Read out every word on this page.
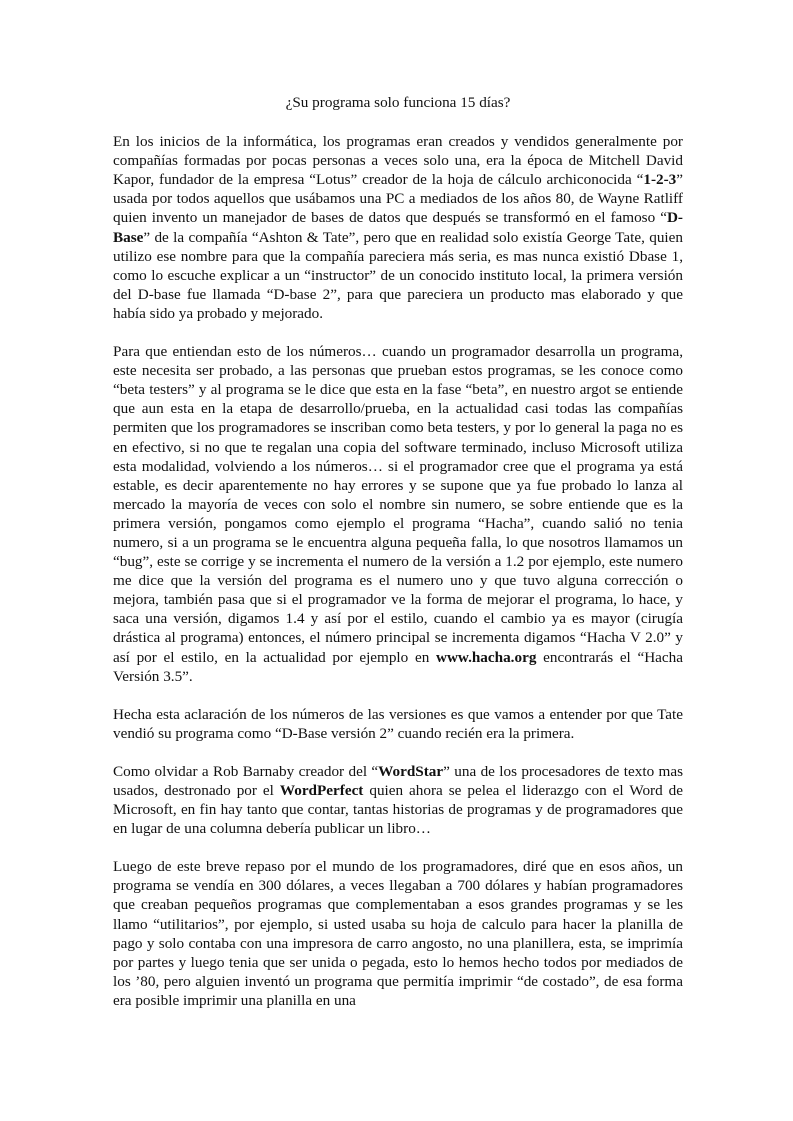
¿Su programa solo funciona 15 días?
En los inicios de la informática, los programas eran creados y vendidos generalmente por compañías formadas por pocas personas a veces solo una, era la época de Mitchell David Kapor, fundador de la empresa “Lotus” creador de la hoja de cálculo archiconocida “1-2-3” usada por todos aquellos que usábamos una PC a mediados de los años 80, de Wayne Ratliff quien invento un manejador de bases de datos que después se transformó en el famoso “D-Base” de la compañía “Ashton & Tate”, pero que en realidad solo existía George Tate, quien utilizo ese nombre para que la compañía pareciera más seria, es mas nunca existió Dbase 1, como lo escuche explicar a un “instructor” de un conocido instituto local, la primera versión del D-base fue llamada “D-base 2”, para que pareciera un producto mas elaborado y que había sido ya probado y mejorado.
Para que entiendan esto de los números… cuando un programador desarrolla un programa, este necesita ser probado, a las personas que prueban estos programas, se les conoce como “beta testers” y al programa se le dice que esta en la fase “beta”, en nuestro argot se entiende que aun esta en la etapa de desarrollo/prueba, en la actualidad casi todas las compañías permiten que los programadores se inscriban como beta testers, y por lo general la paga no es en efectivo, si no que te regalan una copia del software terminado, incluso Microsoft utiliza esta modalidad, volviendo a los números… si el programador cree que el programa ya está estable, es decir aparentemente no hay errores y se supone que ya fue probado lo lanza al mercado la mayoría de veces con solo el nombre sin numero, se sobre entiende que es la primera versión, pongamos como ejemplo el programa “Hacha”, cuando salió no tenia numero, si a un programa se le encuentra alguna pequeña falla, lo que nosotros llamamos un “bug”, este se corrige y se incrementa el numero de la versión a 1.2 por ejemplo, este numero me dice que la versión del programa es el numero uno y que tuvo alguna corrección o mejora, también pasa que si el programador ve la forma de mejorar el programa, lo hace, y saca una versión, digamos 1.4 y así por el estilo, cuando el cambio ya es mayor (cirugía drástica al programa) entonces, el número principal se incrementa digamos “Hacha V 2.0” y así por el estilo, en la actualidad por ejemplo en www.hacha.org encontrarás el “Hacha Versión 3.5”.
Hecha esta aclaración de los números de las versiones es que vamos a entender por que Tate vendió su programa como “D-Base versión 2” cuando recién era la primera.
Como olvidar a Rob Barnaby creador del “WordStar” una de los procesadores de texto mas usados, destronado por el WordPerfect quien ahora se pelea el liderazgo con el Word de Microsoft, en fin hay tanto que contar, tantas historias de programas y de programadores que en lugar de una columna debería publicar un libro…
Luego de este breve repaso por el mundo de los programadores, diré que en esos años, un programa se vendía en 300 dólares, a veces llegaban a 700 dólares y habían programadores que creaban pequeños programas que complementaban a esos grandes programas y se les llamo “utilitarios”, por ejemplo, si usted usaba su hoja de calculo para hacer la planilla de pago y solo contaba con una impresora de carro angosto, no una planillera, esta, se imprimía por partes y luego tenia que ser unida o pegada, esto lo hemos hecho todos por mediados de los ’80, pero alguien inventó un programa que permitía imprimir “de costado”, de esa forma era posible imprimir una planilla en una
